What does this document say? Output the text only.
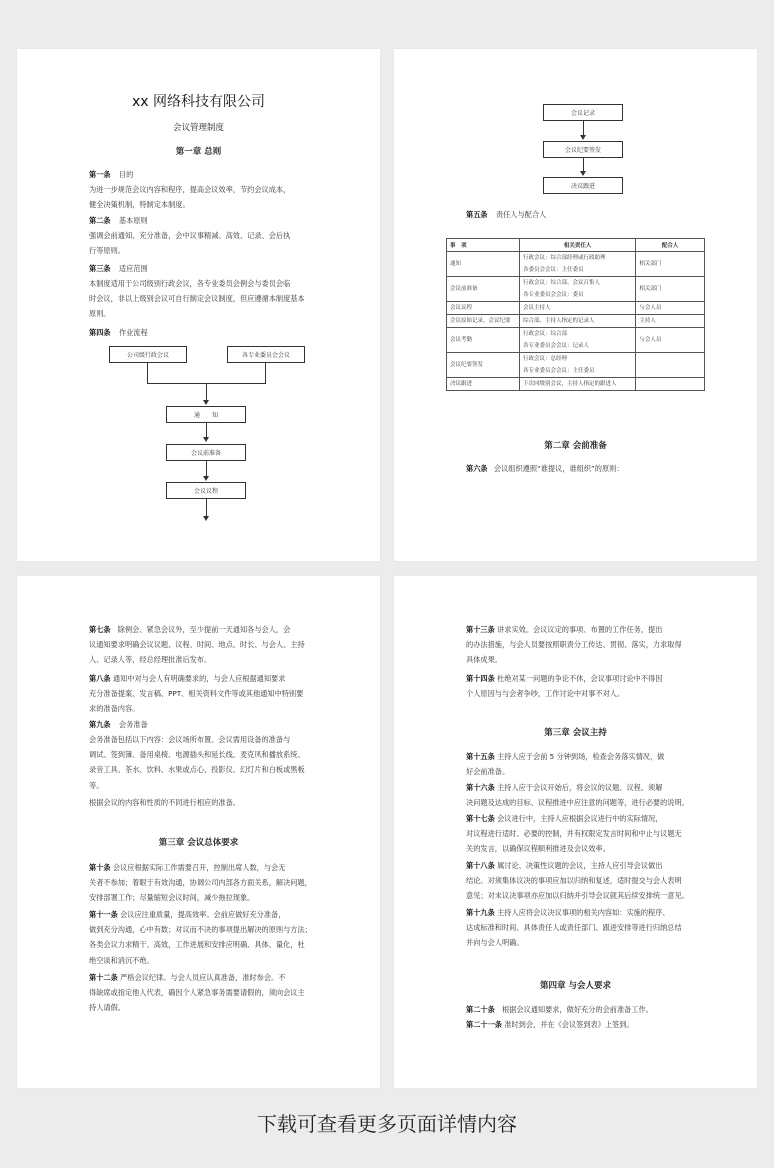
xx 网络科技有限公司
会议管理制度
第一章 总则
第一条 目的
为进一步规范会议内容和程序，提高会议效率，节约会议成本，
健全决策机制，特制定本制度。
第二条 基本原则
强调会前通知、充分准备，会中议事精减、高效、记录、会后执
行等原则。
第三条 适应范围
本制度适用于公司级别行政会议，各专业委员会例会与委员会临
时会议，非以上级别会议可自行制定会议制度，但应遵循本制度基本
原则。
第四条 作业流程
公司级行政会议	各专业委员会会议
通　　知
会议前准备
会议议程
会议记录
会议纪要签发
决议跟进
第五条 责任人与配合人
事　项	相关责任人	配合人
通知	行政会议：综合部经理或行政助理
各委员会会议：主任委员	相关部门
会议前准备	行政会议：综合部、会议召集人
各专业委员会会议：委员	相关部门
会议议程	会议主持人	与会人员
会议原始记录，会议纪要	综合部、主持人指定的记录人	主持人
会议考勤	行政会议：综合部
各专业委员会会议：记录人	与会人员
会议纪要签发	行政会议：总经理
各专业委员会会议：主任委员	

决议跟进	下次同级别会议，主持人指定的跟进人	

第二章 会前准备
第六条 会议组织遵照“谁提议，谁组织”的原则：
第七条　 除例会、紧急会议外，至少提前一天通知各与会人，会
议通知要求明确会议议题、议程、时间、地点、时长、与会人、主持
人、记录人等，经总经理批准后发布。
第八条 通知中对与会人有明确要求的，与会人应根据通知要求
充分准备提案、发言稿、PPT、相关资料文件等或其他通知中特别要
求的准备内容。
第九条 会务准备
会务准备包括以下内容：会议场所布置、会议需用设备的准备与
调试、签到簿、备用桌椅、电源插头和延长线、麦克风和播放系统、
录音工具、茶水、饮料、水果或点心、投影仪、幻灯片和白板或黑板
等。
根据会议的内容和性质的不同进行相应的准备。
第三章 会议总体要求
第十条 会议应根据实际工作需要召开，控制出席人数，与会无
关者不参加；着眼于有效沟通，协调公司内部各方面关系，解决问题，
安排部署工作；尽量缩短会议时间，减少拖拉现象。
第十一条 会议应注重质量，提高效率。会前应做好充分准备，
做到充分沟通，心中有数；对议而不决的事项提出解决的原则与方法；
各类会议力求精干、高效，工作进展和安排应明确、具体、量化，杜
绝空谈和消沉不绝。
第十二条 严格会议纪律。与会人员应认真准备，准时参会。不
得缺席或指定他人代表，确因个人紧急事务需要请假的，须向会议主
持人请假。
第十三条 讲求实效。会议议定的事项、布置的工作任务，提出
的办法措施，与会人员要按照职责分工传达、贯彻、落实，力求取得
具体成果。
第十四条 杜绝对某一问题的争论不休，会议事项讨论中不得因
个人原因与与会者争吵，工作讨论中对事不对人。
第三章 会议主持
第十五条 主持人应于会前 5 分钟到场，检查会务落实情况，做
好会前准备。
第十六条 主持人应于会议开始后，将会议的议题、议程、须解
决问题及达成的目标、议程推进中应注意的问题等，进行必要的说明。
第十七条 会议进行中，主持人应根据会议进行中的实际情况，
对议程进行适时、必要的控制，并有权限定发言时间和中止与议题无
关的发言，以确保议程顺利推进及会议效率。
第十八条 属讨论、决策性议题的会议，主持人应引导会议做出
结论。对须集体议决的事项应加以归纳和复述，适时提交与会人表明
意见；对未议决事项亦应加以归纳并引导会议就其后续安排统一意见。
第十九条 主持人应将会议决议事项的相关内容如：实施的程序、
达成标准和时间、具体责任人或责任部门、跟进安排等进行归纳总结
并向与会人明确。
第四章 与会人要求
第二十条　 根据会议通知要求，做好充分的会前准备工作。
第二十一条 准时到会，并在《会议签到表》上签到。
下载可查看更多页面详情内容
